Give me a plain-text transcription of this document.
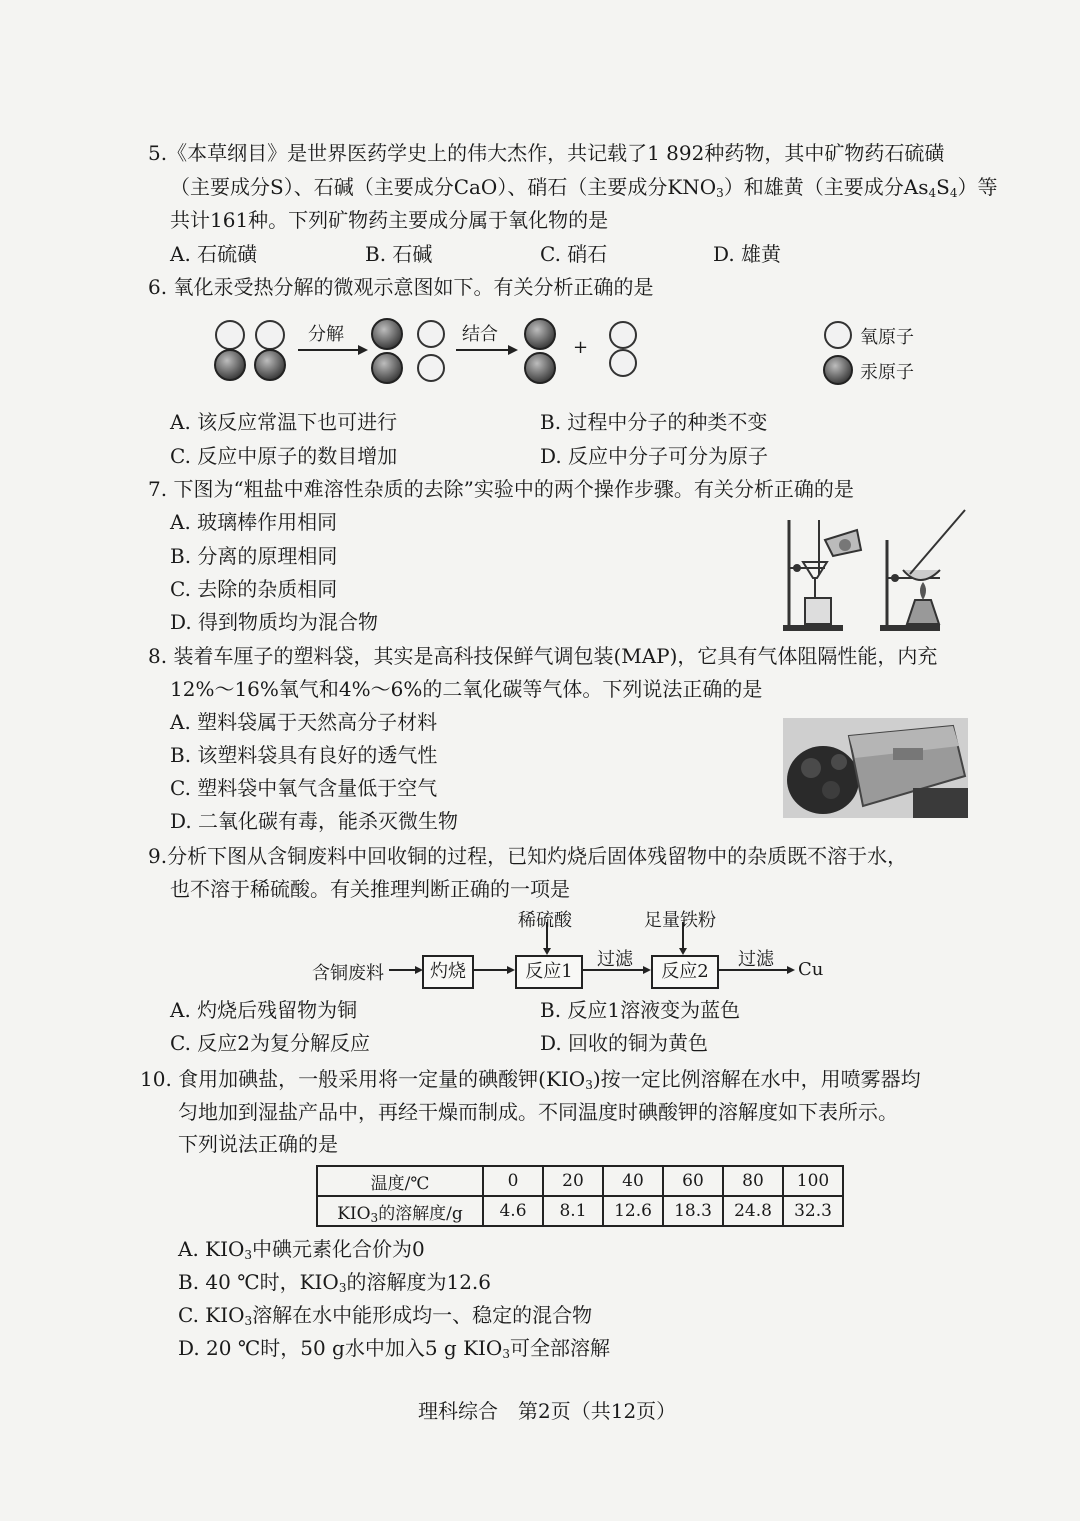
5.《本草纲目》是世界医药学史上的伟大杰作，共记载了1 892种药物，其中矿物药石硫磺
（主要成分S）、石碱（主要成分CaO）、硝石（主要成分$KNO_3$）和雄黄（主要成分$As_4S_4$）等
共计161种。下列矿物药主要成分属于氧化物的是
A. 石硫磺	B. 石碱	C. 硝石	D. 雄黄
6. 氧化汞受热分解的微观示意图如下。有关分析正确的是
分解	结合
+	氧原子
汞原子
A. 该反应常温下也可进行	B. 过程中分子的种类不变
C. 反应中原子的数目增加	D. 反应中分子可分为原子
7. 下图为“粗盐中难溶性杂质的去除”实验中的两个操作步骤。有关分析正确的是
A. 玻璃棒作用相同
B. 分离的原理相同
C. 去除的杂质相同
D. 得到物质均为混合物
8. 装着车厘子的塑料袋，其实是高科技保鲜气调包装(MAP)，它具有气体阻隔性能，内充
12%～16%氧气和4%～6%的二氧化碳等气体。下列说法正确的是
A. 塑料袋属于天然高分子材料
B. 该塑料袋具有良好的透气性
C. 塑料袋中氧气含量低于空气
D. 二氧化碳有毒，能杀灭微生物
9.分析下图从含铜废料中回收铜的过程，已知灼烧后固体残留物中的杂质既不溶于水，
也不溶于稀硫酸。有关推理判断正确的一项是
含铜废料	灼烧
稀硫酸
反应1
过滤
足量铁粉
反应2
过滤 Cu
A. 灼烧后残留物为铜	B. 反应1溶液变为蓝色
C. 反应2为复分解反应	D. 回收的铜为黄色
10. 食用加碘盐，一般采用将一定量的碘酸钾$(KIO_3)$按一定比例溶解在水中，用喷雾器均
匀地加到湿盐产品中，再经干燥而制成。不同温度时碘酸钾的溶解度如下表所示。
下列说法正确的是
温度/℃	0	20	40	60	80	100
$KIO_3$的溶解度/g	4.6	8.1	12.6	18.3	24.8	32.3
A. $KIO_3$中碘元素化合价为0
B. 40 ℃时，$KIO_3$的溶解度为12.6
C. $KIO_3$溶解在水中能形成均一、稳定的混合物
D. 20 ℃时，50 g水中加入5 g $KIO_3$可全部溶解
理科综合　第2页（共12页）
